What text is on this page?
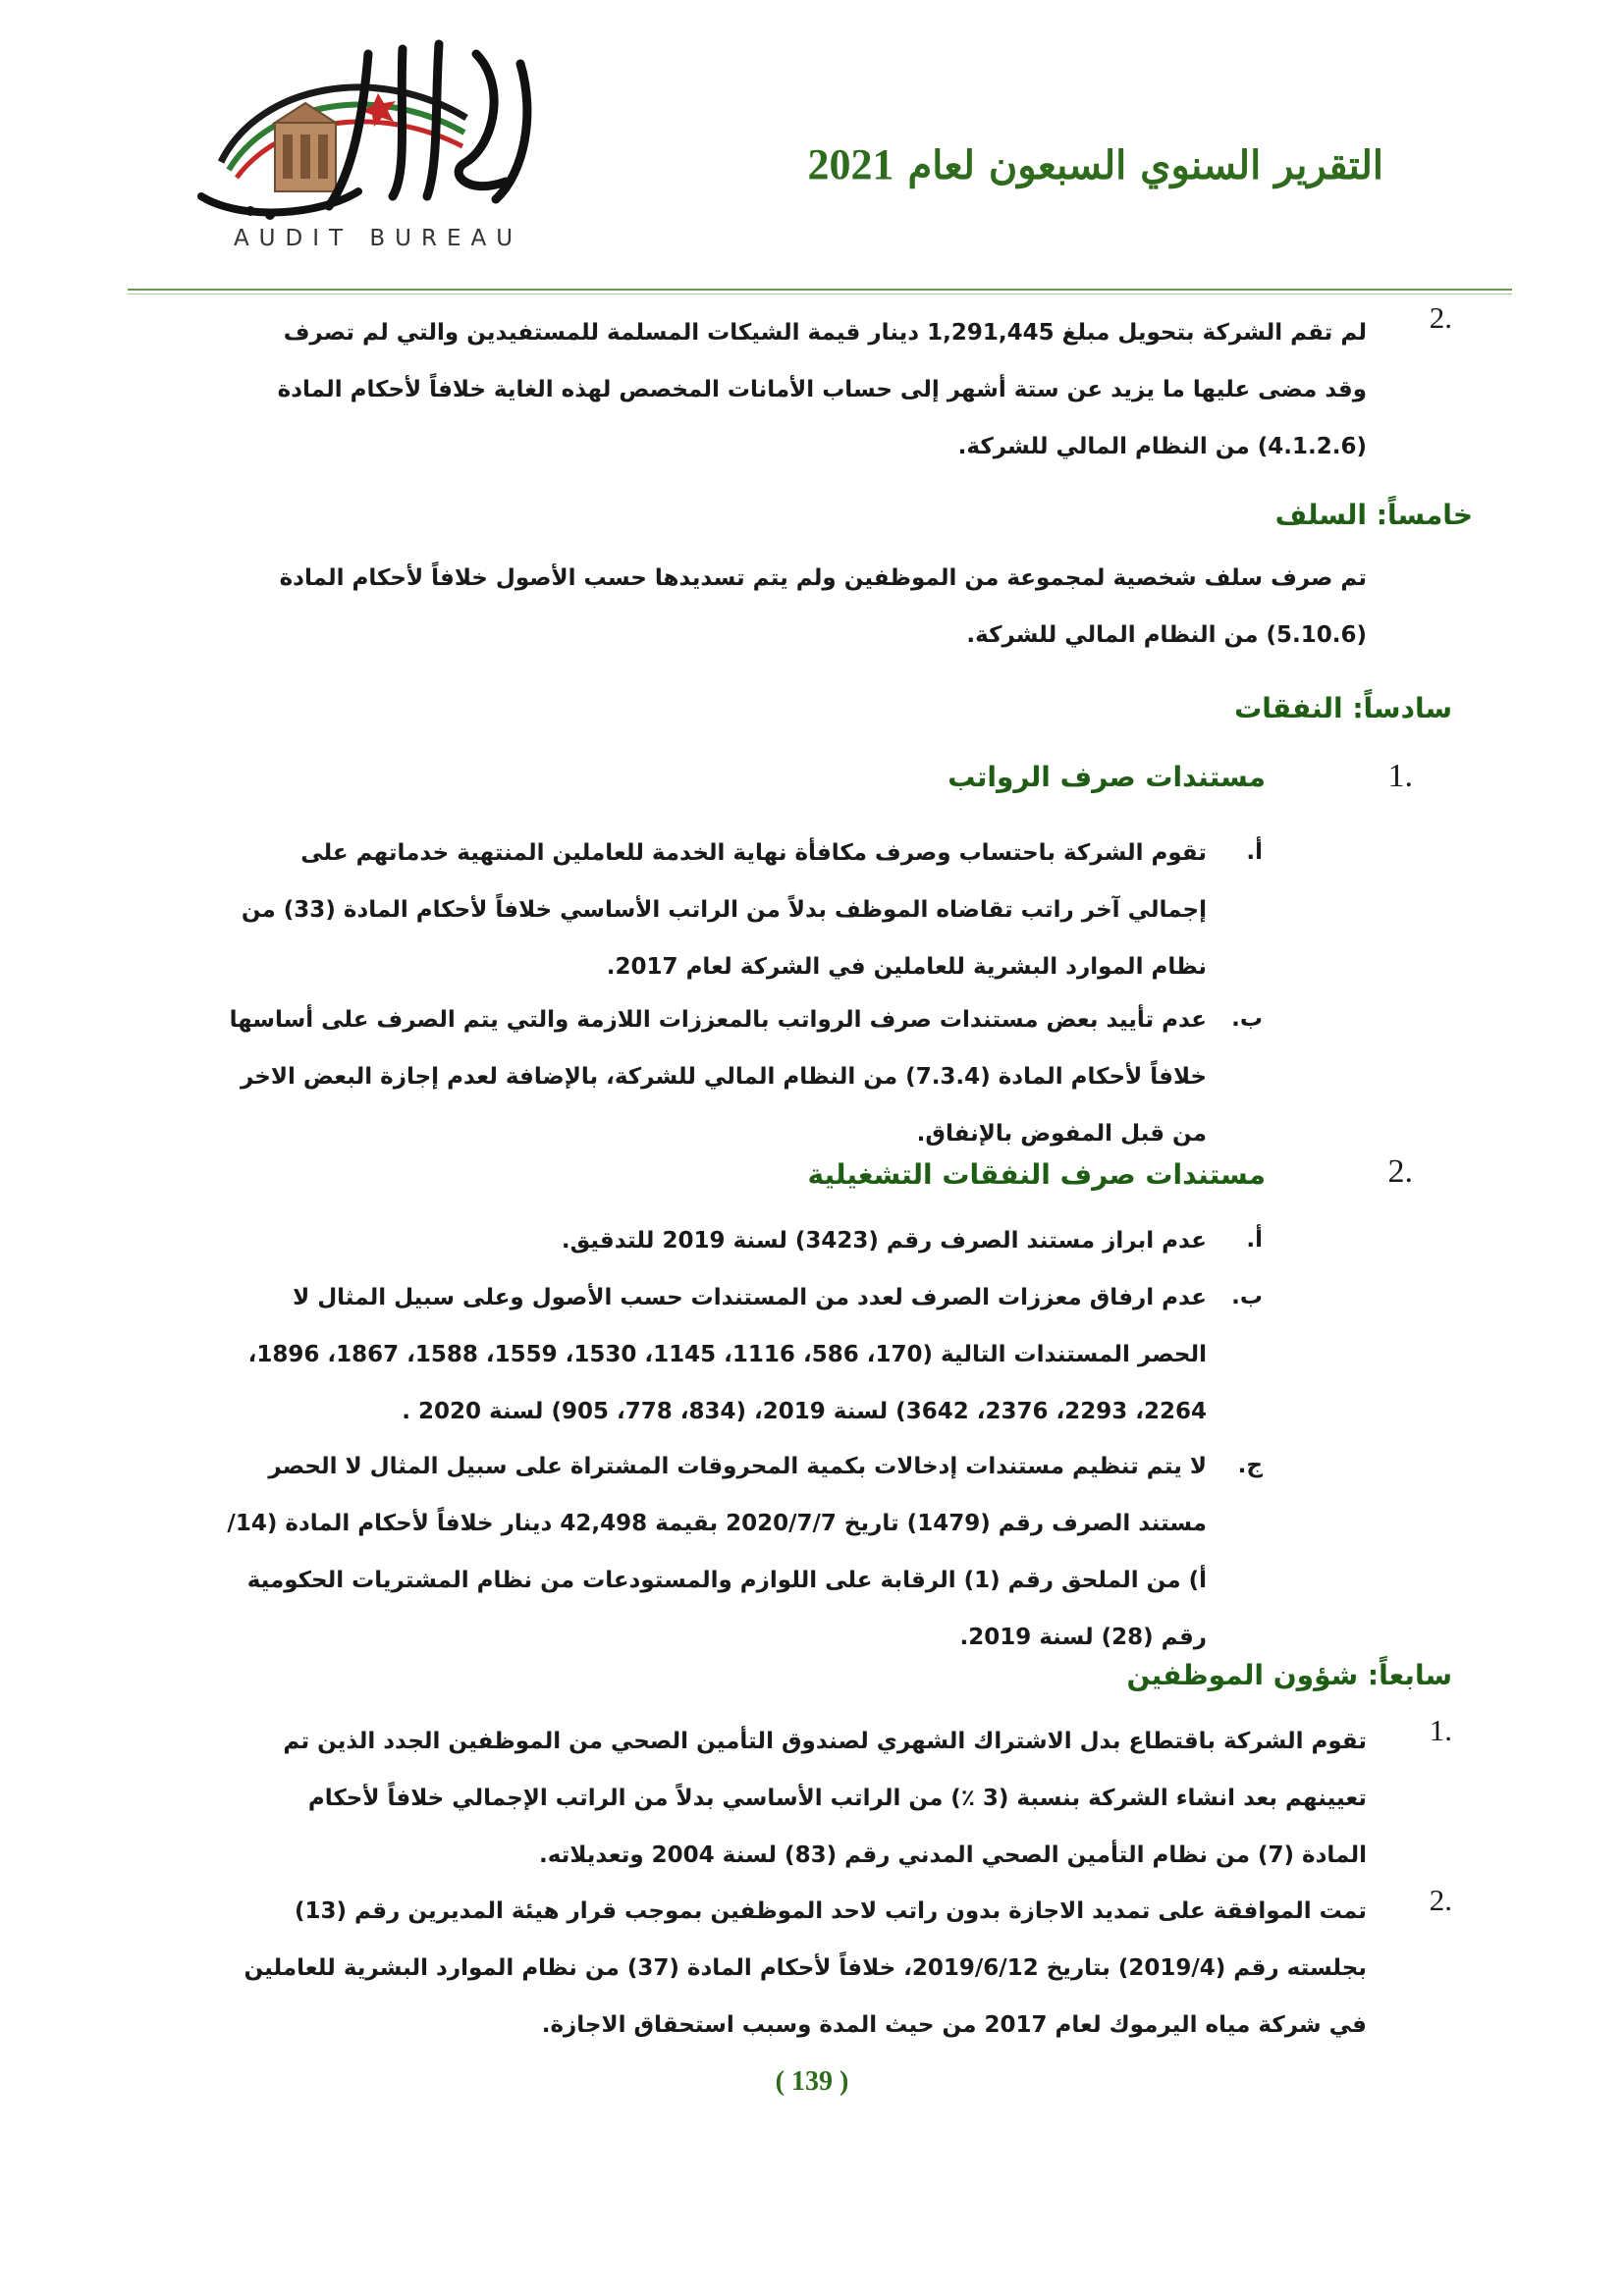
AUDIT BUREAU
التقرير السنوي السبعون لعام 2021
2.
لم تقم الشركة بتحويل مبلغ 1,291,445 دينار قيمة الشيكات المسلمة للمستفيدين والتي لم تصرف وقد مضى عليها ما يزيد عن ستة أشهر إلى حساب الأمانات المخصص لهذه الغاية خلافاً لأحكام المادة (4.1.2.6) من النظام المالي للشركة.
خامساً: السلف
تم صرف سلف شخصية لمجموعة من الموظفين ولم يتم تسديدها حسب الأصول خلافاً لأحكام المادة (5.10.6) من النظام المالي للشركة.
سادساً: النفقات
1.
مستندات صرف الرواتب
أ.
تقوم الشركة باحتساب وصرف مكافأة نهاية الخدمة للعاملين المنتهية خدماتهم على إجمالي آخر راتب تقاضاه الموظف بدلاً من الراتب الأساسي خلافاً لأحكام المادة (33) من نظام الموارد البشرية للعاملين في الشركة لعام 2017.
ب.
عدم تأييد بعض مستندات صرف الرواتب بالمعززات اللازمة والتي يتم الصرف على أساسها خلافاً لأحكام المادة (7.3.4) من النظام المالي للشركة، بالإضافة لعدم إجازة البعض الاخر من قبل المفوض بالإنفاق.
2.
مستندات صرف النفقات التشغيلية
أ.
عدم ابراز مستند الصرف رقم (3423) لسنة 2019 للتدقيق.
ب.
عدم ارفاق معززات الصرف لعدد من المستندات حسب الأصول وعلى سبيل المثال لا الحصر المستندات التالية (170، 586، 1116، 1145، 1530، 1559، 1588، 1867، 1896، 2264، 2293، 2376، 3642) لسنة 2019، (834، 778، 905) لسنة 2020 .
ج.
لا يتم تنظيم مستندات إدخالات بكمية المحروقات المشتراة على سبيل المثال لا الحصر مستند الصرف رقم (1479) تاريخ 2020/7/7 بقيمة 42,498 دينار خلافاً لأحكام المادة (14/أ) من الملحق رقم (1) الرقابة على اللوازم والمستودعات من نظام المشتريات الحكومية رقم (28) لسنة 2019.
سابعاً: شؤون الموظفين
1.
تقوم الشركة باقتطاع بدل الاشتراك الشهري لصندوق التأمين الصحي من الموظفين الجدد الذين تم تعيينهم بعد انشاء الشركة بنسبة (3 ٪) من الراتب الأساسي بدلاً من الراتب الإجمالي خلافاً لأحكام المادة (7) من نظام التأمين الصحي المدني رقم (83) لسنة 2004 وتعديلاته.
2.
تمت الموافقة على تمديد الاجازة بدون راتب لاحد الموظفين بموجب قرار هيئة المديرين رقم (13) بجلسته رقم (2019/4) بتاريخ 2019/6/12، خلافاً لأحكام المادة (37) من نظام الموارد البشرية للعاملين في شركة مياه اليرموك لعام 2017 من حيث المدة وسبب استحقاق الاجازة.
( 139 )
